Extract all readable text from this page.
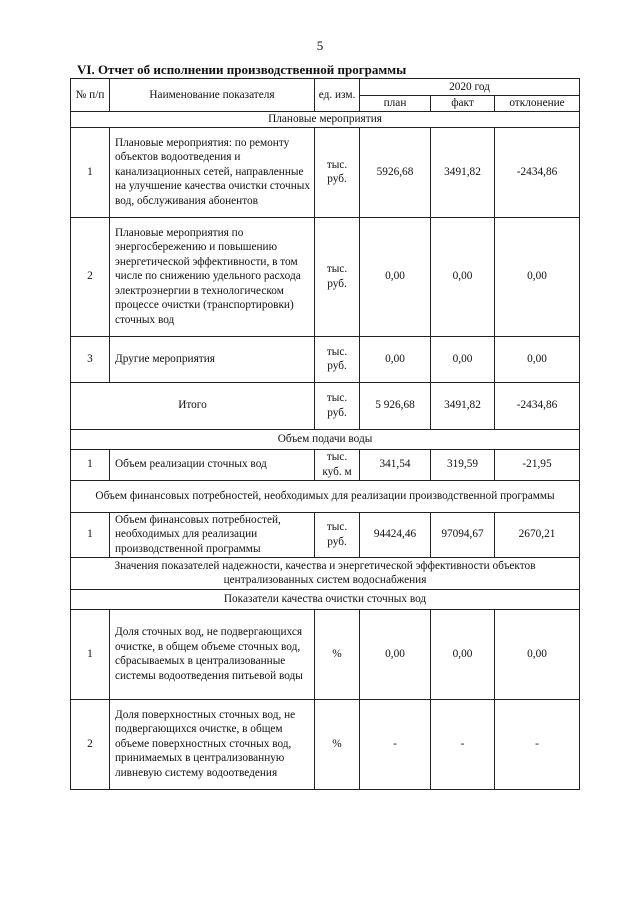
5
VI. Отчет об исполнении производственной программы
№ п/п	Наименование показателя	ед. изм.	2020 год		
			план	факт	отклонение
Плановые мероприятия					
1	Плановые мероприятия: по ремонту объектов водоотведения и канализационных сетей, направленные на улучшение качества очистки сточных вод, обслуживания абонентов	тыс. руб.	5926,68	3491,82	-2434,86
2	Плановые мероприятия по энергосбережению и повышению энергетической эффективности, в том числе по снижению удельного расхода электроэнергии в технологическом процессе очистки (транспортировки) сточных вод	тыс. руб.	0,00	0,00	0,00
3	Другие мероприятия	тыс. руб.	0,00	0,00	0,00
Итого		тыс. руб.	5 926,68	3491,82	-2434,86
Объем подачи воды					
1	Объем реализации сточных вод	тыс. куб. м	341,54	319,59	-21,95
Объем финансовых потребностей, необходимых для реализации производственной программы					
1	Объем финансовых потребностей, необходимых для реализации производственной программы	тыс. руб.	94424,46	97094,67	2670,21
Значения показателей надежности, качества и энергетической эффективности объектов централизованных систем водоснабжения					
Показатели качества очистки сточных вод					
1	Доля сточных вод, не подвергающихся очистке, в общем объеме сточных вод, сбрасываемых в централизованные системы водоотведения питьевой воды	%	0,00	0,00	0,00
2	Доля поверхностных сточных вод, не подвергающихся очистке, в общем объеме поверхностных сточных вод, принимаемых в централизованную ливневую систему водоотведения	%	-	-	-
